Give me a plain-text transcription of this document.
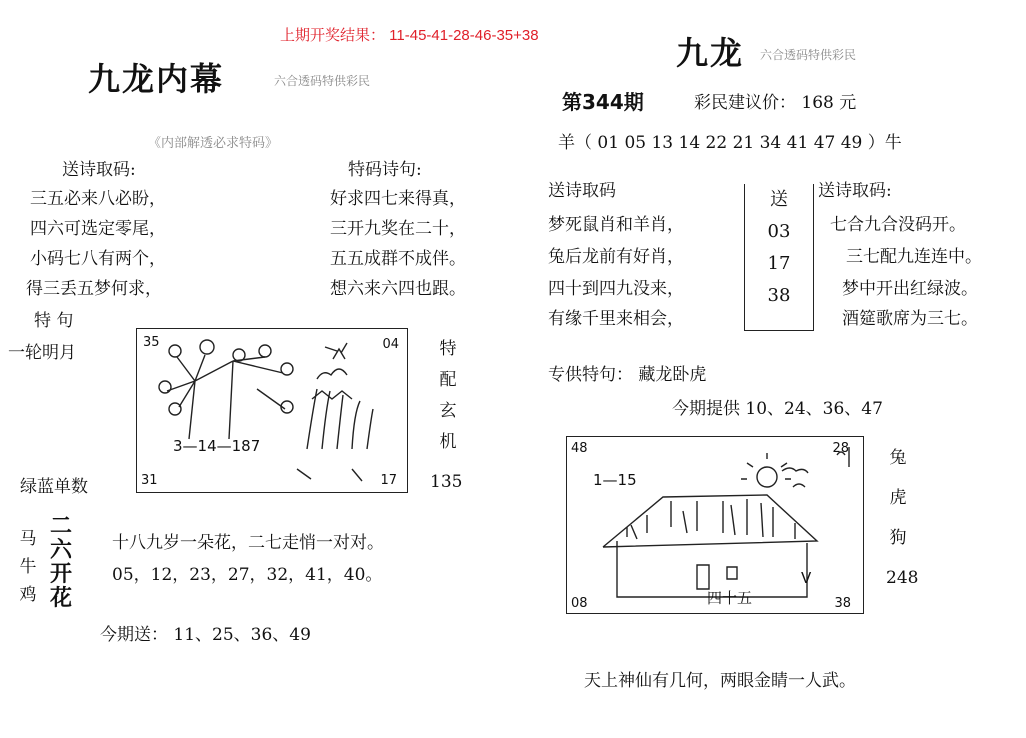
上期开奖结果： 11-45-41-28-46-35+38
九龙内幕	六合透码特供彩民
《内部解透必求特码》
送诗取码:
三五必来八必盼，
四六可选定零尾，
小码七八有两个，
得三丢五梦何求，
特码诗句:
好求四七来得真，
三开九奖在二十，
五五成群不成伴。
想六来六四也跟。
特 句
一轮明月
35	04
31	17
3—14—187
特
配
玄
机
绿蓝单数	135
马
牛
鸡
二
六
开
花
十八九岁一朵花，二七走悄一对对。
05，12，23，27，32，41，40。
今期送： 11、25、36、49
九龙 六合透码特供彩民
第344期	彩民建议价： 168 元
羊（ 01 05 13 14 22 21 34 41 47 49 ）牛
送诗取码
梦死鼠肖和羊肖，
兔后龙前有好肖，
四十到四九没来，
有缘千里来相会，
送
03
17
38
送诗取码:
七合九合没码开。
三七配九连连中。
梦中开出红绿波。
酒筵歌席为三七。
专供特句： 藏龙卧虎
今期提供 10、24、36、47
48	28
08	38
1—15
四十五
V
兔
虎
狗
248
天上神仙有几何，两眼金睛一人武。
